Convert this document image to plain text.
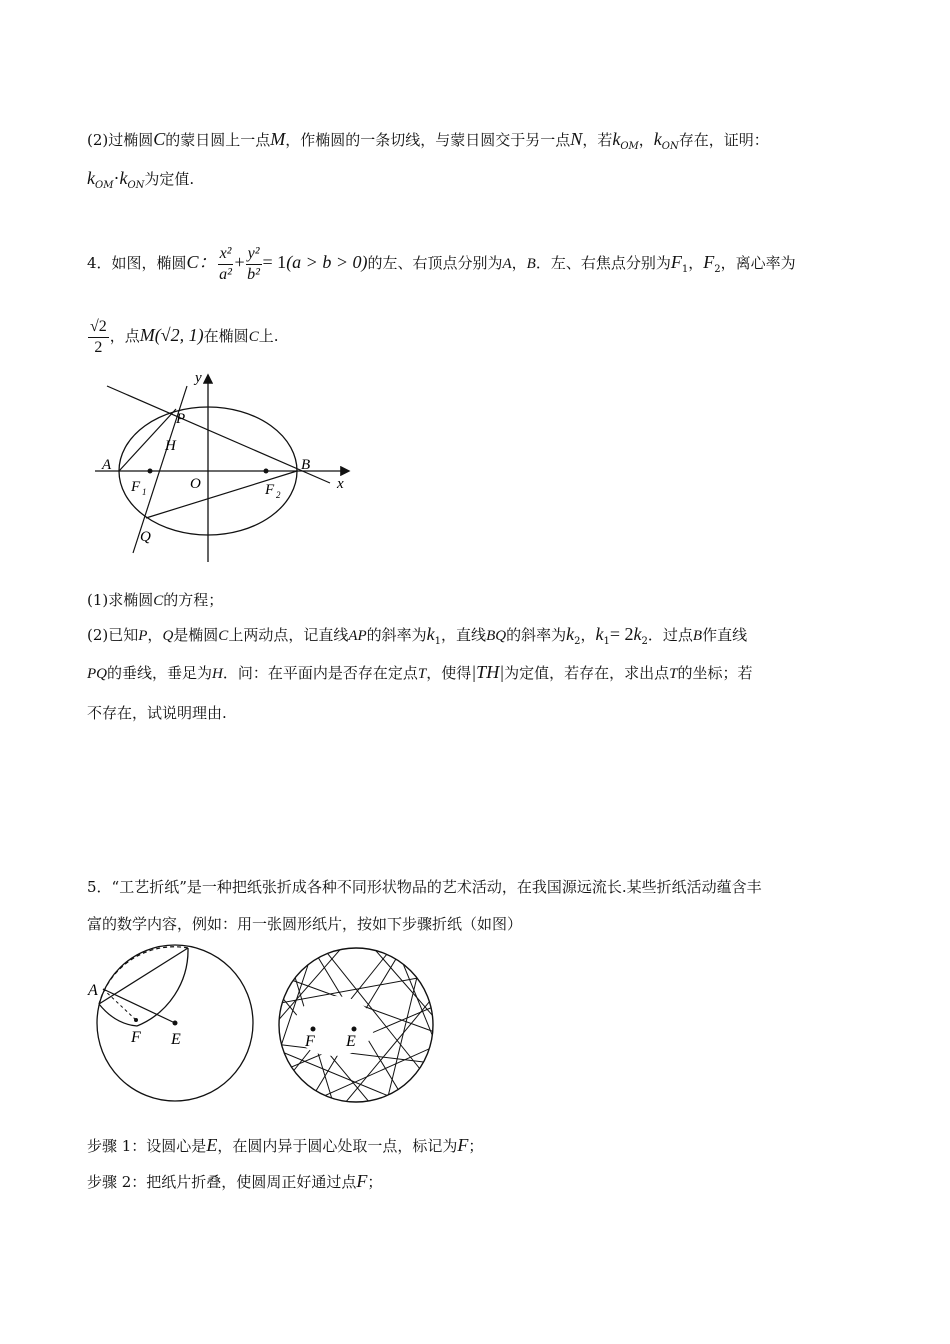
(2)过椭圆C的蒙日圆上一点M，作椭圆的一条切线，与蒙日圆交于另一点N，若$k_{OM}$，$k_{ON}$存在，证明：
$k_{OM}\cdot k_{ON}$为定值.
4．如图，椭圆C： $\frac{\text{x²}}{\text{a²}} + \frac{\text{y²}}{\text{b²}} = 1(a > b > 0)$的左、右顶点分别为A，B．左、右焦点分别为$F_1$，$F_2$，离心率为
$\frac{√2}{2}$ ，点M(√2, 1)在椭圆C上.
y
P
H
A	B
O	x
F 1	F 2
Q
(1)求椭圆C的方程；
(2)已知P，Q是椭圆C上两动点，记直线AP的斜率为$k_1$，直线BQ的斜率为$k_2$，$k_1= 2k_2$．过点B作直线
PQ的垂线，垂足为H．问：在平面内是否存在定点T，使得|TH|为定值，若存在，求出点T的坐标；若
不存在，试说明理由.
5．“工艺折纸”是一种把纸张折成各种不同形状物品的艺术活动，在我国源远流长.某些折纸活动蕴含丰
富的数学内容，例如：用一张圆形纸片，按如下步骤折纸（如图）
A
F E	F E
步骤 1：设圆心是E，在圆内异于圆心处取一点，标记为F；
步骤 2：把纸片折叠，使圆周正好通过点F；
